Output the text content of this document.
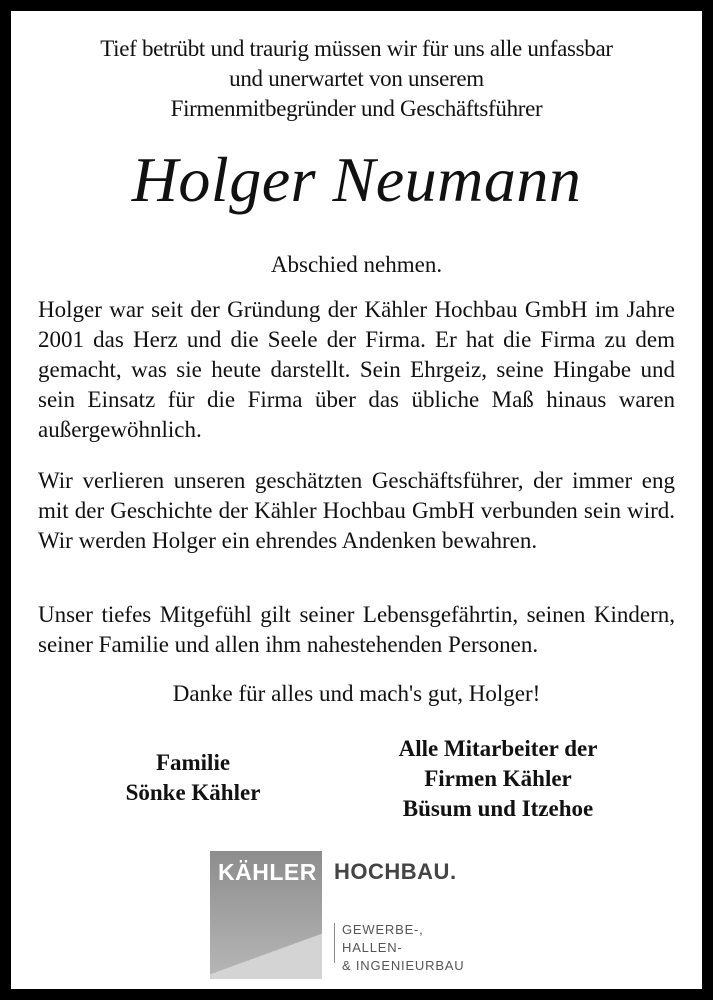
Tief betrübt und traurig müssen wir für uns alle unfassbar
und unerwartet von unserem
Firmenmitbegründer und Geschäftsführer
Holger Neumann
Abschied nehmen.
Holger war seit der Gründung der Kähler Hochbau GmbH im Jahre 2001 das Herz und die Seele der Firma. Er hat die Firma zu dem gemacht, was sie heute darstellt. Sein Ehrgeiz, seine Hingabe und sein Einsatz für die Firma über das übliche Maß hinaus waren außergewöhnlich.
Wir verlieren unseren geschätzten Geschäftsführer, der immer eng mit der Geschichte der Kähler Hochbau GmbH verbunden sein wird. Wir werden Holger ein ehrendes Andenken bewahren.
Unser tiefes Mitgefühl gilt seiner Lebensgefährtin, seinen Kindern, seiner Familie und allen ihm nahestehenden Personen.
Danke für alles und mach's gut, Holger!
Familie
Sönke Kähler
Alle Mitarbeiter der
Firmen Kähler
Büsum und Itzehoe
KÄHLER HOCHBAU.
GEWERBE-, HALLEN-
& INGENIEURBAU
